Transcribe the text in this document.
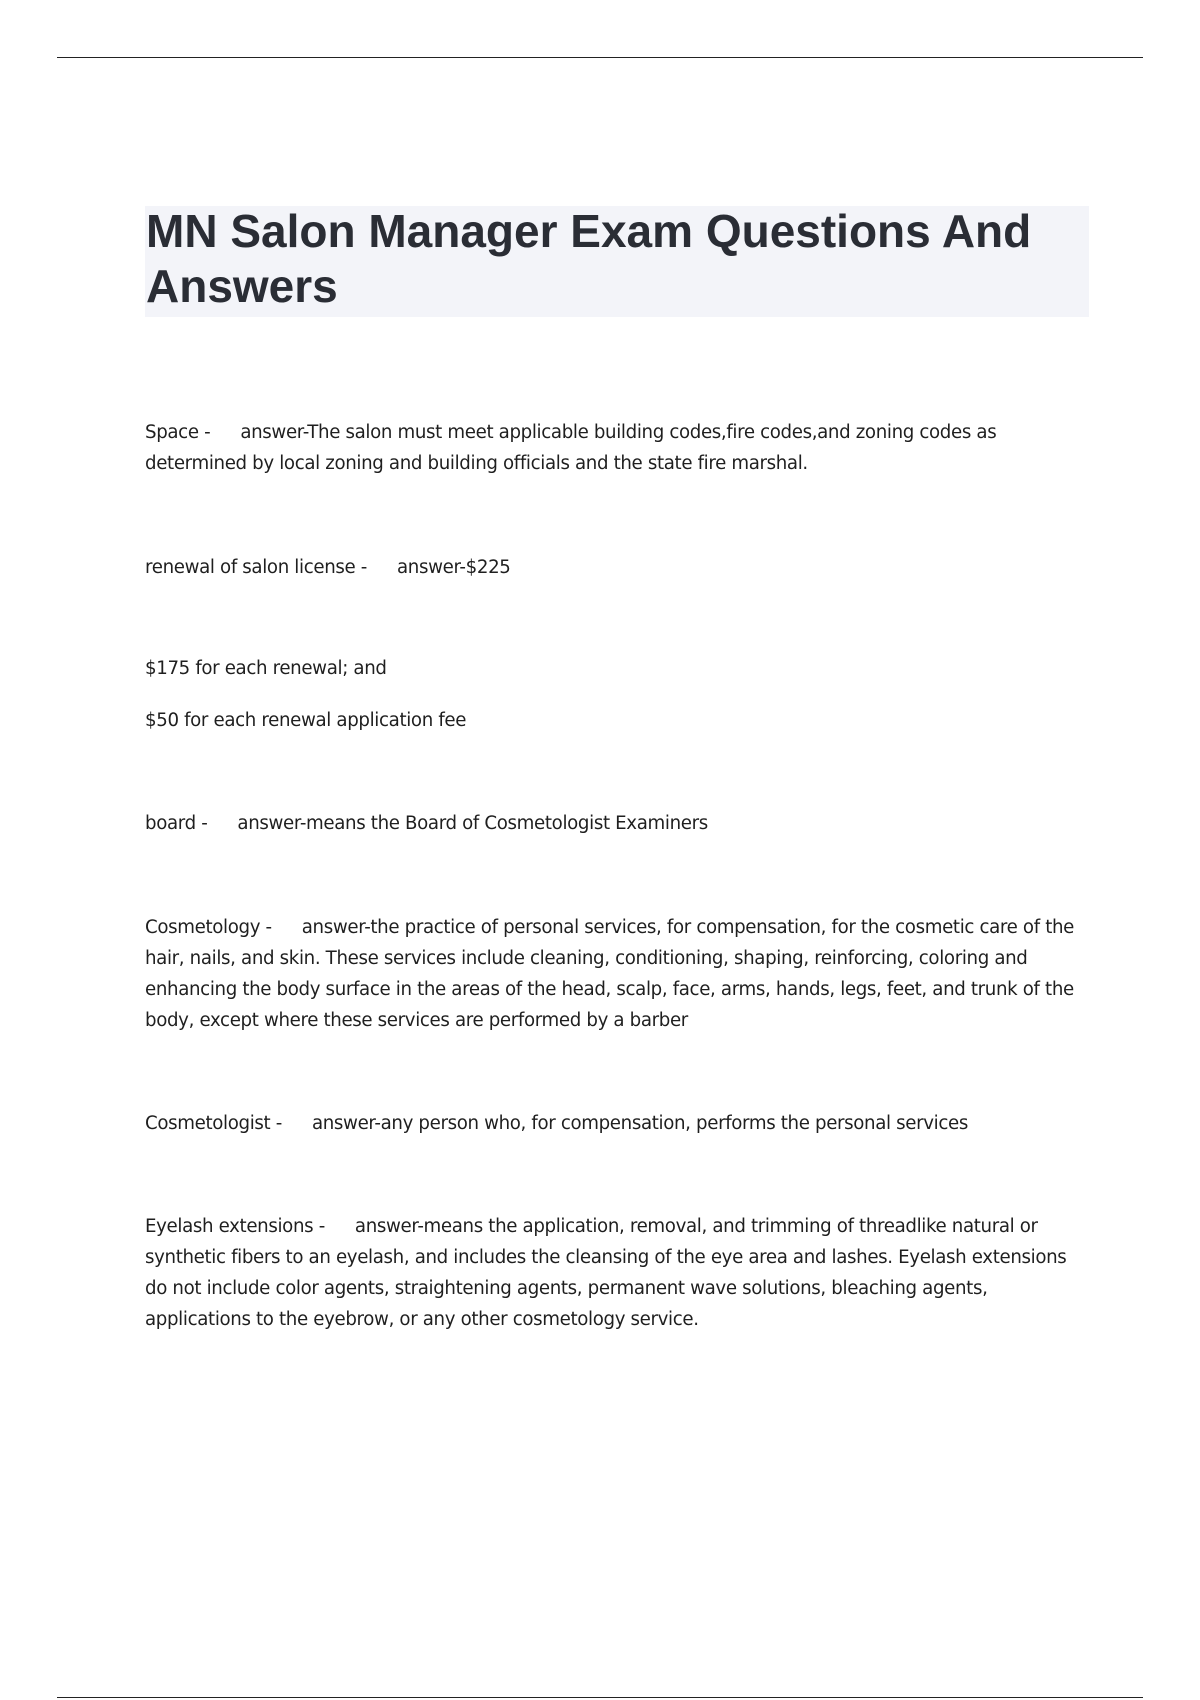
MN Salon Manager Exam Questions And Answers
Space - answer-The salon must meet applicable building codes,fire codes,and zoning codes as determined by local zoning and building officials and the state fire marshal.
renewal of salon license - answer-$225
$175 for each renewal; and
$50 for each renewal application fee
board - answer-means the Board of Cosmetologist Examiners
Cosmetology - answer-the practice of personal services, for compensation, for the cosmetic care of the hair, nails, and skin. These services include cleaning, conditioning, shaping, reinforcing, coloring and enhancing the body surface in the areas of the head, scalp, face, arms, hands, legs, feet, and trunk of the body, except where these services are performed by a barber
Cosmetologist - answer-any person who, for compensation, performs the personal services
Eyelash extensions - answer-means the application, removal, and trimming of threadlike natural or synthetic fibers to an eyelash, and includes the cleansing of the eye area and lashes. Eyelash extensions do not include color agents, straightening agents, permanent wave solutions, bleaching agents, applications to the eyebrow, or any other cosmetology service.
